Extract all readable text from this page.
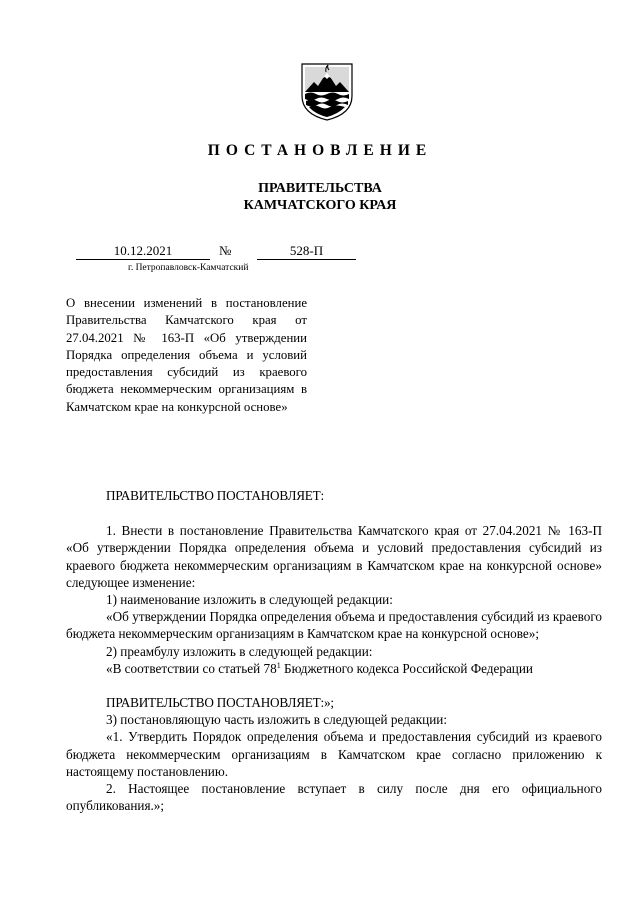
ПОСТАНОВЛЕНИЕ
ПРАВИТЕЛЬСТВА
КАМЧАТСКОГО КРАЯ
10.12.2021	№	528-П
г. Петропавловск-Камчатский
О внесении изменений в постановление Правительства Камчатского края от 27.04.2021 № 163-П «Об утверждении Порядка определения объема и условий предоставления субсидий из краевого бюджета некоммерческим организациям в Камчатском крае на конкурсной основе»

ПРАВИТЕЛЬСТВО ПОСТАНОВЛЯЕТ:

1. Внести в постановление Правительства Камчатского края от 27.04.2021 № 163-П «Об утверждении Порядка определения объема и условий предоставления субсидий из краевого бюджета некоммерческим организациям в Камчатском крае на конкурсной основе» следующее изменение:

1) наименование изложить в следующей редакции:

«Об утверждении Порядка определения объема и предоставления субсидий из краевого бюджета некоммерческим организациям в Камчатском крае на конкурсной основе»;

2) преамбулу изложить в следующей редакции:

«В соответствии со статьей $78^1$ Бюджетного кодекса Российской Федерации

ПРАВИТЕЛЬСТВО ПОСТАНОВЛЯЕТ:»;

3) постановляющую часть изложить в следующей редакции:

«1. Утвердить Порядок определения объема и предоставления субсидий из краевого бюджета некоммерческим организациям в Камчатском крае согласно приложению к настоящему постановлению.

2. Настоящее постановление вступает в силу после дня его официального опубликования.»;
